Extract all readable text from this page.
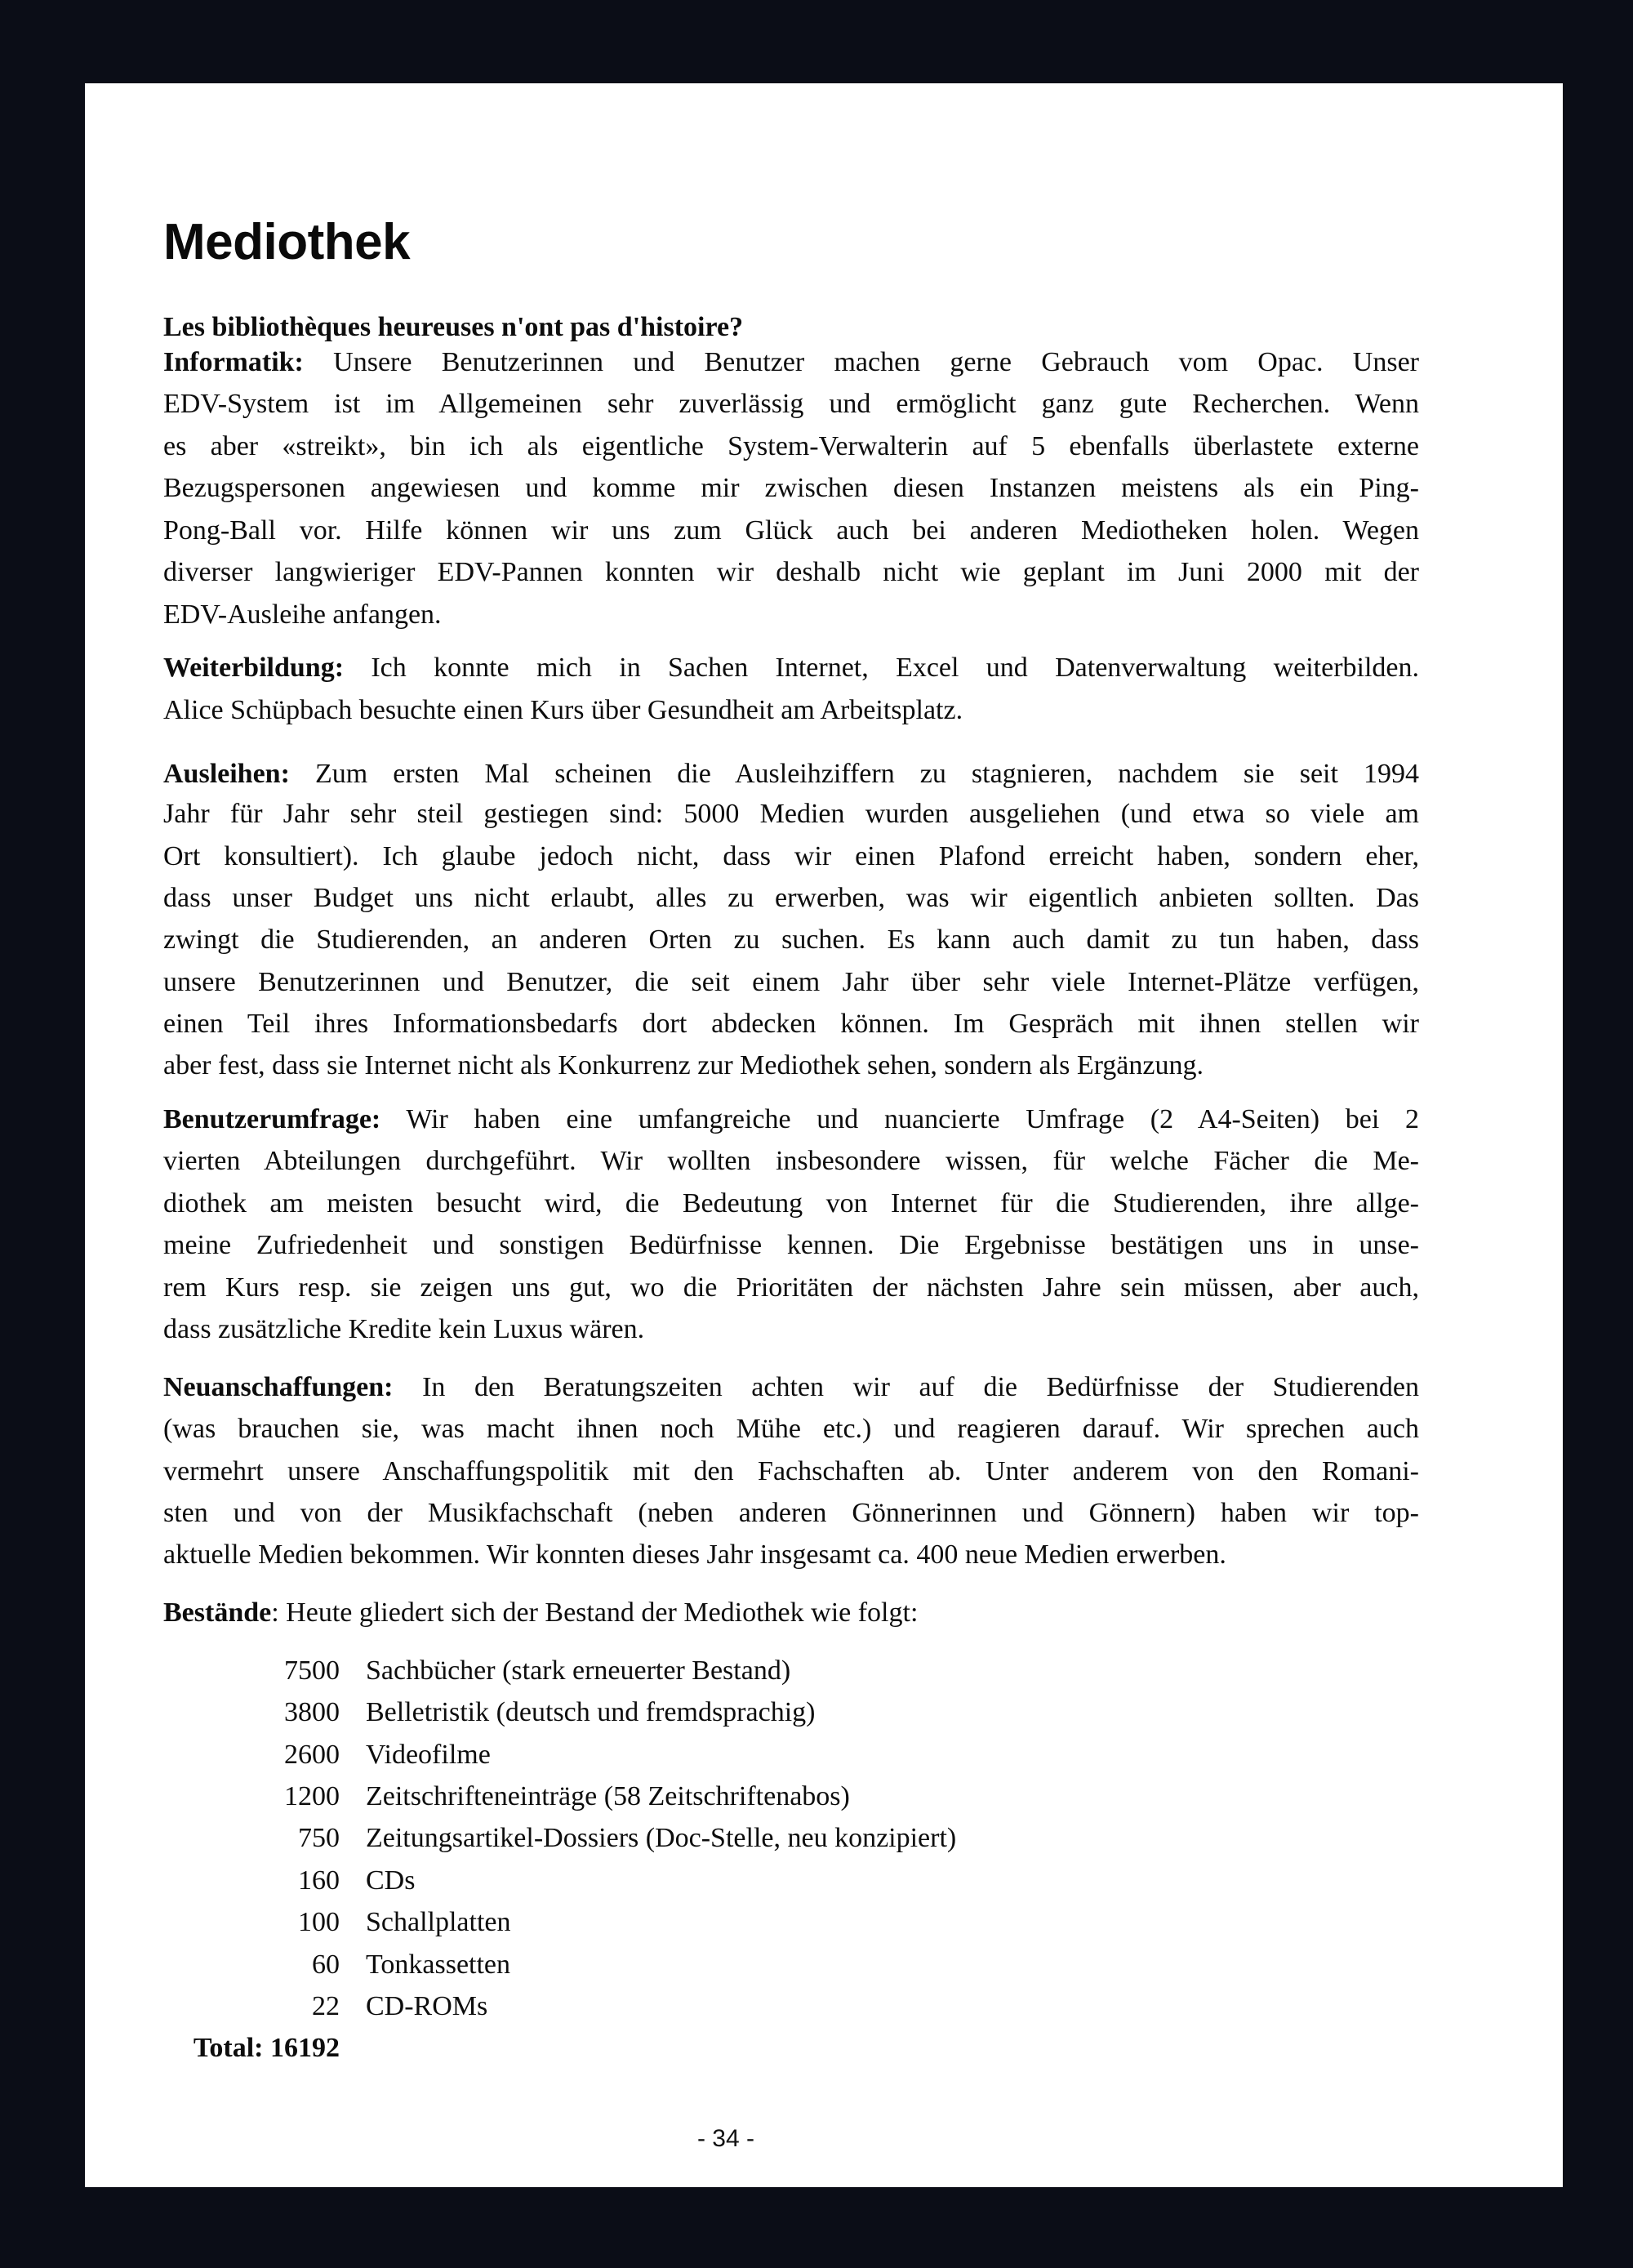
Mediothek
Les bibliothèques heureuses n'ont pas d'histoire?
Informatik: Unsere Benutzerinnen und Benutzer machen gerne Gebrauch vom Opac. Unser
EDV-System ist im Allgemeinen sehr zuverlässig und ermöglicht ganz gute Recherchen. Wenn
es aber «streikt», bin ich als eigentliche System-Verwalterin auf 5 ebenfalls überlastete externe
Bezugspersonen angewiesen und komme mir zwischen diesen Instanzen meistens als ein Ping-
Pong-Ball vor. Hilfe können wir uns zum Glück auch bei anderen Mediotheken holen. Wegen
diverser langwieriger EDV-Pannen konnten wir deshalb nicht wie geplant im Juni 2000 mit der
EDV-Ausleihe anfangen.
Weiterbildung: Ich konnte mich in Sachen Internet, Excel und Datenverwaltung weiterbilden.
Alice Schüpbach besuchte einen Kurs über Gesundheit am Arbeitsplatz.
Ausleihen: Zum ersten Mal scheinen die Ausleihziffern zu stagnieren, nachdem sie seit 1994
Jahr für Jahr sehr steil gestiegen sind: 5000 Medien wurden ausgeliehen (und etwa so viele am
Ort konsultiert). Ich glaube jedoch nicht, dass wir einen Plafond erreicht haben, sondern eher,
dass unser Budget uns nicht erlaubt, alles zu erwerben, was wir eigentlich anbieten sollten. Das
zwingt die Studierenden, an anderen Orten zu suchen. Es kann auch damit zu tun haben, dass
unsere Benutzerinnen und Benutzer, die seit einem Jahr über sehr viele Internet-Plätze verfügen,
einen Teil ihres Informationsbedarfs dort abdecken können. Im Gespräch mit ihnen stellen wir
aber fest, dass sie Internet nicht als Konkurrenz zur Mediothek sehen, sondern als Ergänzung.
Benutzerumfrage: Wir haben eine umfangreiche und nuancierte Umfrage (2 A4-Seiten) bei 2
vierten Abteilungen durchgeführt. Wir wollten insbesondere wissen, für welche Fächer die Me-
diothek am meisten besucht wird, die Bedeutung von Internet für die Studierenden, ihre allge-
meine Zufriedenheit und sonstigen Bedürfnisse kennen. Die Ergebnisse bestätigen uns in unse-
rem Kurs resp. sie zeigen uns gut, wo die Prioritäten der nächsten Jahre sein müssen, aber auch,
dass zusätzliche Kredite kein Luxus wären.
Neuanschaffungen: In den Beratungszeiten achten wir auf die Bedürfnisse der Studierenden
(was brauchen sie, was macht ihnen noch Mühe etc.) und reagieren darauf. Wir sprechen auch
vermehrt unsere Anschaffungspolitik mit den Fachschaften ab. Unter anderem von den Romani-
sten und von der Musikfachschaft (neben anderen Gönnerinnen und Gönnern) haben wir top-
aktuelle Medien bekommen. Wir konnten dieses Jahr insgesamt ca. 400 neue Medien erwerben.
Bestände: Heute gliedert sich der Bestand der Mediothek wie folgt:
7500 Sachbücher (stark erneuerter Bestand)
3800 Belletristik (deutsch und fremdsprachig)
2600 Videofilme
1200 Zeitschrifteneinträge (58 Zeitschriftenabos)
750 Zeitungsartikel-Dossiers (Doc-Stelle, neu konzipiert)
160 CDs
100 Schallplatten
60 Tonkassetten
22 CD-ROMs
Total: 16192
- 34 -
